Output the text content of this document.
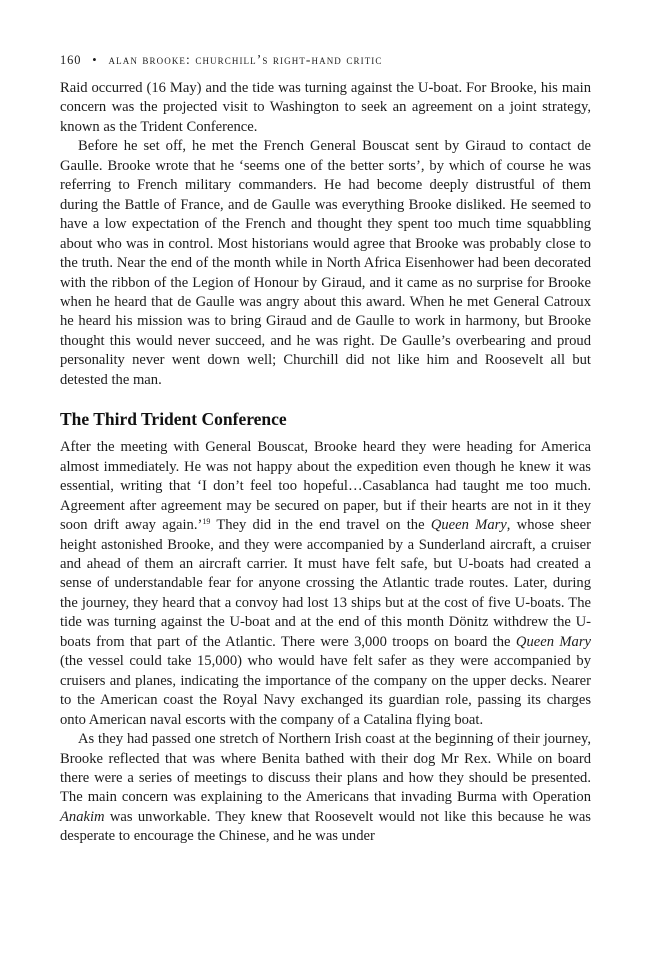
160 • alan brooke: churchill’s right-hand critic

Raid occurred (16 May) and the tide was turning against the U-boat. For Brooke, his main concern was the projected visit to Washington to seek an agreement on a joint strategy, known as the Trident Conference.

Before he set off, he met the French General Bouscat sent by Giraud to contact de Gaulle. Brooke wrote that he ‘seems one of the better sorts’, by which of course he was referring to French military commanders. He had become deeply distrustful of them during the Battle of France, and de Gaulle was everything Brooke disliked. He seemed to have a low expectation of the French and thought they spent too much time squabbling about who was in control. Most historians would agree that Brooke was probably close to the truth. Near the end of the month while in North Africa Eisenhower had been decorated with the ribbon of the Legion of Honour by Giraud, and it came as no surprise for Brooke when he heard that de Gaulle was angry about this award. When he met General Catroux he heard his mission was to bring Giraud and de Gaulle to work in harmony, but Brooke thought this would never succeed, and he was right. De Gaulle’s overbearing and proud personality never went down well; Churchill did not like him and Roosevelt all but detested the man.

The Third Trident Conference

After the meeting with General Bouscat, Brooke heard they were heading for America almost immediately. He was not happy about the expedition even though he knew it was essential, writing that ‘I don’t feel too hopeful…Casablanca had taught me too much. Agreement after agreement may be secured on paper, but if their hearts are not in it they soon drift away again.’$^{19}$ They did in the end travel on the Queen Mary, whose sheer height astonished Brooke, and they were accompanied by a Sunderland aircraft, a cruiser and ahead of them an aircraft carrier. It must have felt safe, but U-boats had created a sense of understandable fear for anyone crossing the Atlantic trade routes. Later, during the journey, they heard that a convoy had lost 13 ships but at the cost of five U-boats. The tide was turning against the U-boat and at the end of this month Dönitz withdrew the U-boats from that part of the Atlantic. There were 3,000 troops on board the Queen Mary (the vessel could take 15,000) who would have felt safer as they were accompanied by cruisers and planes, indicating the importance of the company on the upper decks. Nearer to the American coast the Royal Navy exchanged its guardian role, passing its charges onto American naval escorts with the company of a Catalina flying boat.

As they had passed one stretch of Northern Irish coast at the beginning of their journey, Brooke reflected that was where Benita bathed with their dog Mr Rex. While on board there were a series of meetings to discuss their plans and how they should be presented. The main concern was explaining to the Americans that invading Burma with Operation Anakim was unworkable. They knew that Roosevelt would not like this because he was desperate to encourage the Chinese, and he was under
